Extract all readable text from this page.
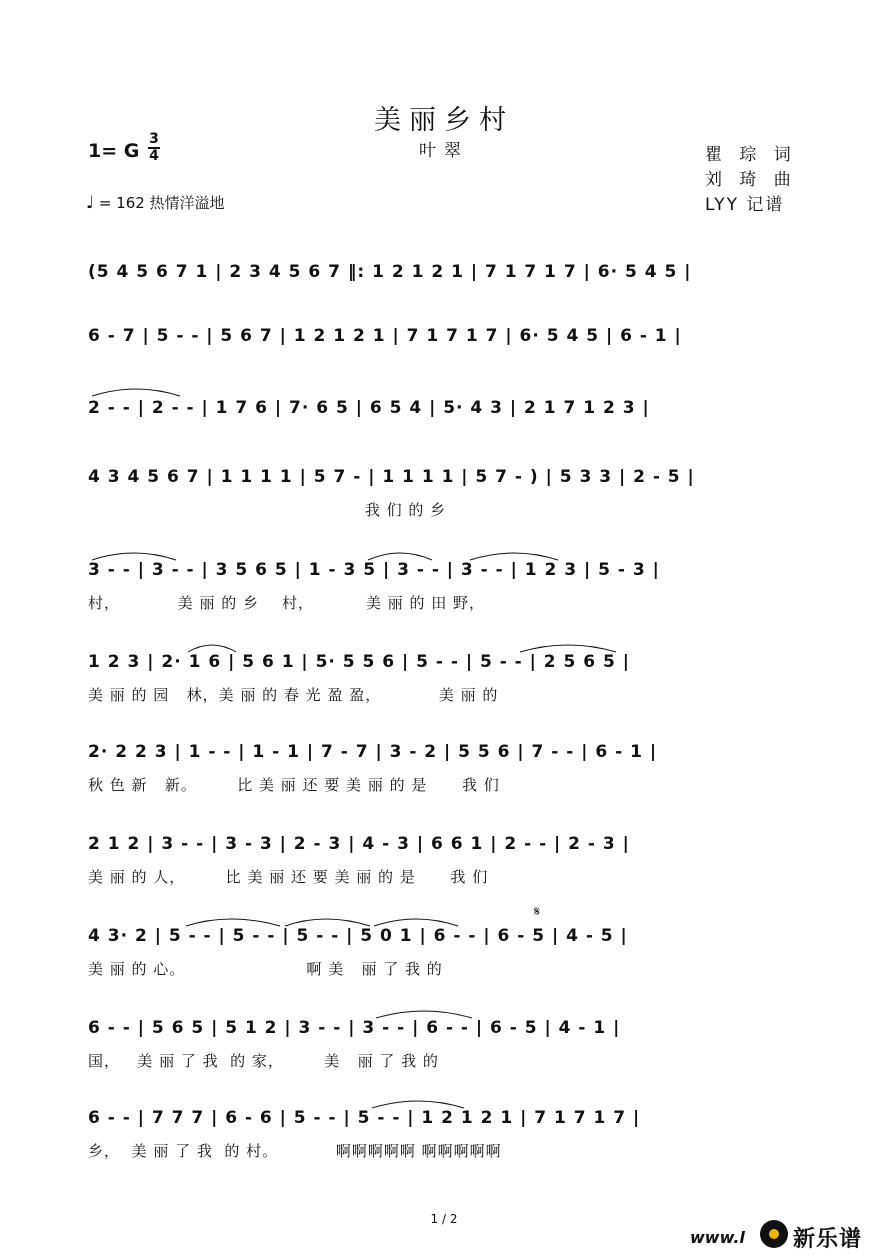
美丽乡村
叶翠
1= G
3
4	瞿 琮 词
刘 琦 曲
LYY 记谱
♩ = 162 热情洋溢地
(5 4 5 6 7 1 | 2 3 4 5 6 7 ‖: 1 2 1 2 1 | 7 1 7 1 7 | 6· 5 4 5 |
6 - 7 | 5 - - | 5 6 7 | 1 2 1 2 1 | 7 1 7 1 7 | 6· 5 4 5 | 6 - 1 |
2 - - | 2 - - | 1 7 6 | 7· 6 5 | 6 5 4 | 5· 4 3 | 2 1 7 1 2 3 |
4 3 4 5 6 7 | 1 1 1 1 | 5 7 - | 1 1 1 1 | 5 7 - ) | 5 3 3 | 2 - 5 |
我 们 的 乡
3 - - | 3 - - | 3 5 6 5 | 1 - 3 5 | 3 - - | 3 - - | 1 2 3 | 5 - 3 |
村，          美 丽 的 乡    村，         美 丽 的 田 野，
1 2 3 | 2· 1 6 | 5 6 1 | 5· 5 5 6 | 5 - - | 5 - - | 2 5 6 5 |
美 丽 的 园   林，美 丽 的 春 光 盈 盈，          美 丽 的
2· 2 2 3 | 1 - - | 1 - 1 | 7 - 7 | 3 - 2 | 5 5 6 | 7 - - | 6 - 1 |
秋 色 新   新。       比 美 丽 还 要 美 丽 的 是      我 们
2 1 2 | 3 - - | 3 - 3 | 2 - 3 | 4 - 3 | 6 6 1 | 2 - - | 2 - 3 |
美 丽 的 人，       比 美 丽 还 要 美 丽 的 是      我 们
4 3· 2 | 5 - - | 5 - - | 5 - - | 5 0 1 | 6 - - | 6 - 5 | 4 - 5 |
美 丽 的 心。                     啊 美   丽 了 我 的
6 - - | 5 6 5 | 5 1 2 | 3 - - | 3 - - | 6 - - | 6 - 5 | 4 - 1 |
国，   美 丽 了 我  的 家，       美   丽 了 我 的
6 - - | 7 7 7 | 6 - 6 | 5 - - | 5 - - | 1 2 1 2 1 | 7 1 7 1 7 |
乡，  美 丽 了 我  的 村。          啊啊啊啊啊 啊啊啊啊啊
𝄋
1 / 2
www.l 新乐谱
